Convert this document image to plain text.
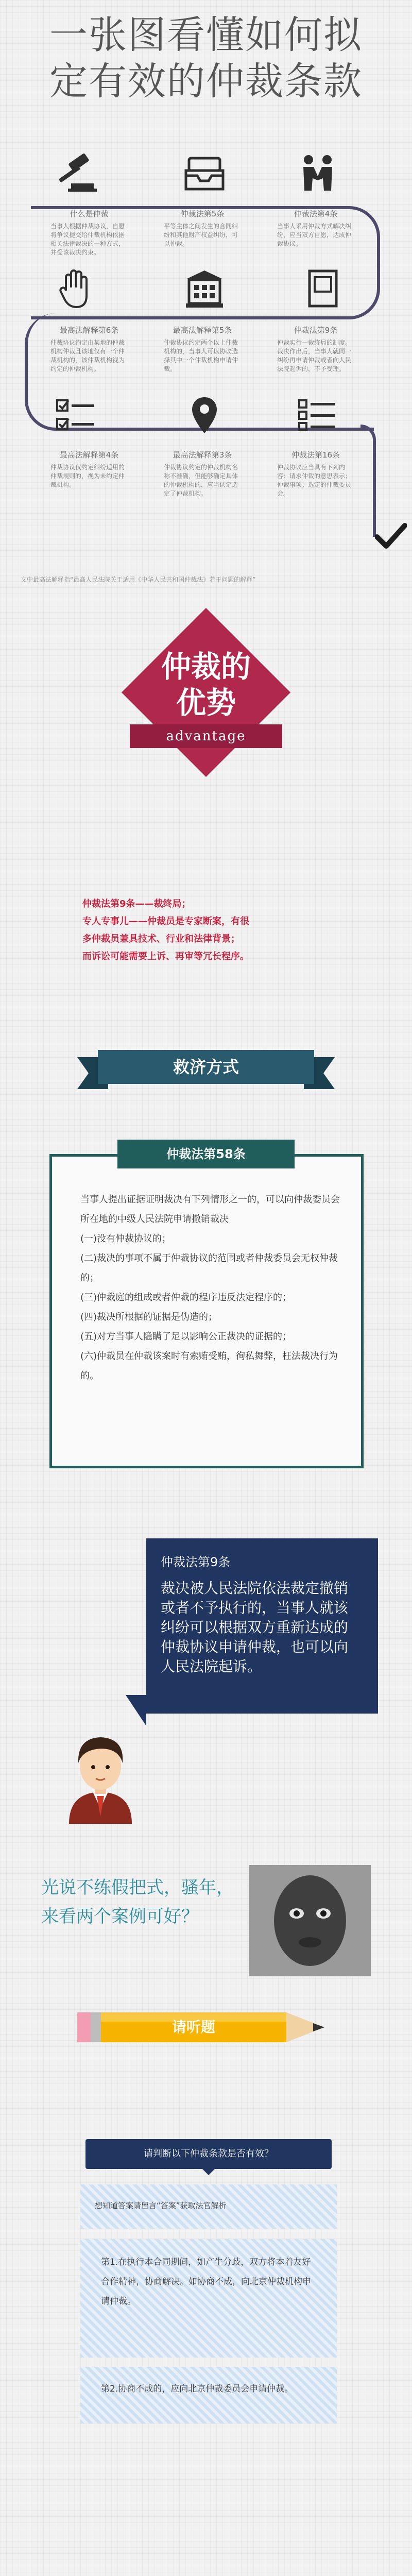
一张图看懂如何拟
定有效的仲裁条款
什么是仲裁
当事人根据仲裁协议，自愿将争议提交给仲裁机构依据相关法律裁决的一种方式，并受该裁决约束。
仲裁法第5条
平等主体之间发生的合同纠纷和其他财产权益纠纷，可以仲裁。
仲裁法第4条
当事人采用仲裁方式解决纠纷，应当双方自愿，达成仲裁协议。
最高法解释第6条
仲裁协议约定由某地的仲裁机构仲裁且该地仅有一个仲裁机构的，该仲裁机构视为约定的仲裁机构。
最高法解释第5条
仲裁协议约定两个以上仲裁机构的，当事人可以协议选择其中一个仲裁机构申请仲裁。
仲裁法第9条
仲裁实行一裁终局的制度。裁决作出后，当事人就同一纠纷再申请仲裁或者向人民法院起诉的，不予受理。
最高法解释第4条
仲裁协议仅约定纠纷适用的仲裁规则的，视为未约定仲裁机构。
最高法解释第3条
仲裁协议约定的仲裁机构名称不准确，但能够确定具体的仲裁机构的，应当认定选定了仲裁机构。
仲裁法第16条
仲裁协议应当具有下列内容：请求仲裁的意思表示；仲裁事项；选定的仲裁委员会。
文中最高法解释指“最高人民法院关于适用《中华人民共和国仲裁法》若干问题的解释”
仲裁的
优势
advantage
仲裁法第9条——裁终局；
专人专事儿——仲裁员是专家断案，有很
多仲裁员兼具技术、行业和法律背景；
而诉讼可能需要上诉、再审等冗长程序。
救济方式
仲裁法第58条
当事人提出证据证明裁决有下列情形之一的，可以向仲裁委员会所在地的中级人民法院申请撤销裁决
(一)没有仲裁协议的；
(二)裁决的事项不属于仲裁协议的范围或者仲裁委员会无权仲裁的；
(三)仲裁庭的组成或者仲裁的程序违反法定程序的；
(四)裁决所根据的证据是伪造的；
(五)对方当事人隐瞒了足以影响公正裁决的证据的；
(六)仲裁员在仲裁该案时有索贿受贿，徇私舞弊，枉法裁决行为的。
仲裁法第9条
裁决被人民法院依法裁定撤销或者不予执行的，当事人就该纠纷可以根据双方重新达成的仲裁协议申请仲裁，也可以向人民法院起诉。
光说不练假把式，骚年，来看两个案例可好？
请听题
请判断以下仲裁条款是否有效？
想知道答案请留言“答案”获取法官解析
第1.在执行本合同期间，如产生分歧，双方将本着友好合作精神，协商解决。如协商不成，向北京仲裁机构申请仲裁。
第2.协商不成的，应向北京仲裁委员会申请仲裁。
